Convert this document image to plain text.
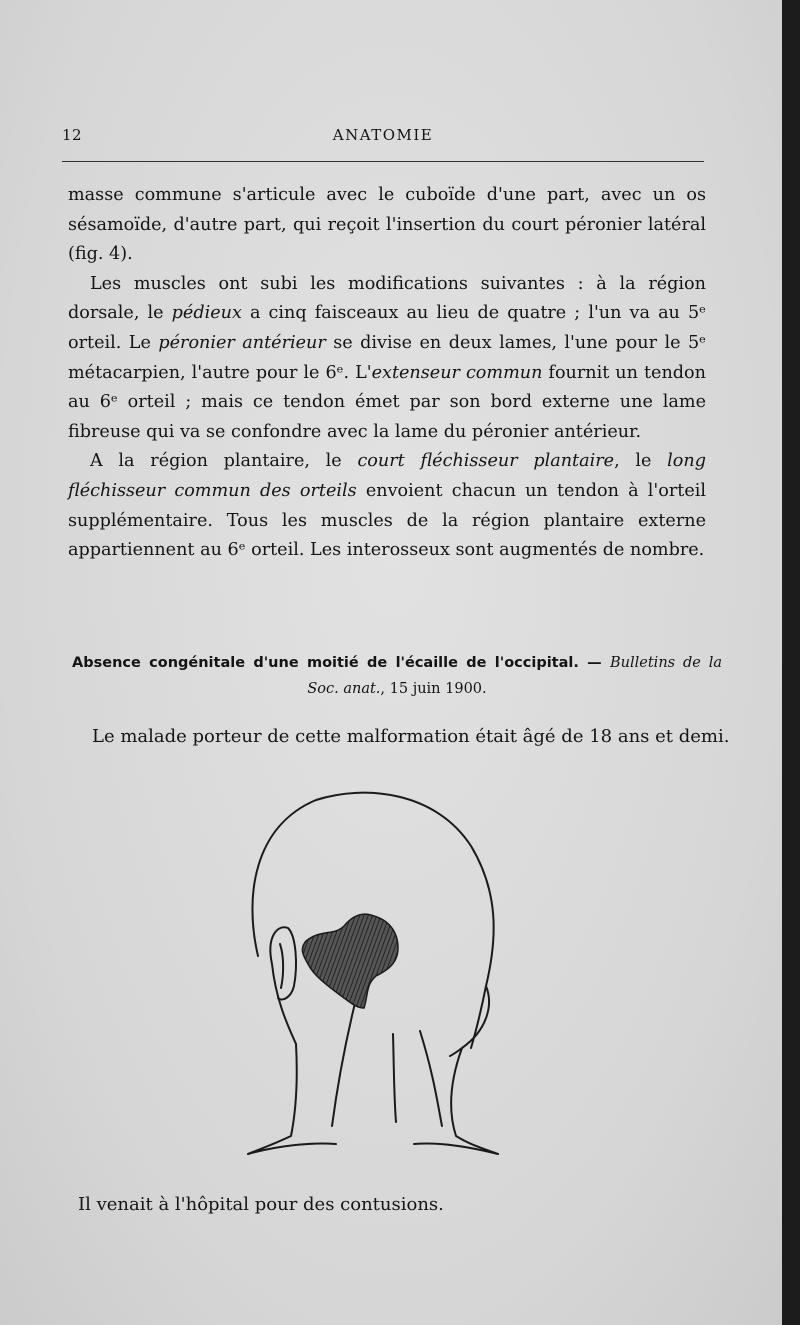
12	ANATOMIE

masse commune s'articule avec le cuboïde d'une part, avec un os sésamoïde, d'autre part, qui reçoit l'insertion du court péronier latéral (fig. 4).

Les muscles ont subi les modifications suivantes : à la région dorsale, le pédieux a cinq faisceaux au lieu de quatre ; l'un va au 5ᵉ orteil. Le péronier antérieur se divise en deux lames, l'une pour le 5ᵉ métacarpien, l'autre pour le 6ᵉ. L'extenseur commun fournit un tendon au 6ᵉ orteil ; mais ce tendon émet par son bord externe une lame fibreuse qui va se confondre avec la lame du péronier antérieur.

A la région plantaire, le court fléchisseur plantaire, le long fléchisseur commun des orteils envoient chacun un tendon à l'orteil supplémentaire. Tous les muscles de la région plantaire externe appartiennent au 6ᵉ orteil. Les interosseux sont augmentés de nombre.

Absence congénitale d'une moitié de l'écaille de l'occipital. — Bulletins de la Soc. anat., 15 juin 1900.

Le malade porteur de cette malformation était âgé de 18 ans et demi.

Il venait à l'hôpital pour des contusions.
